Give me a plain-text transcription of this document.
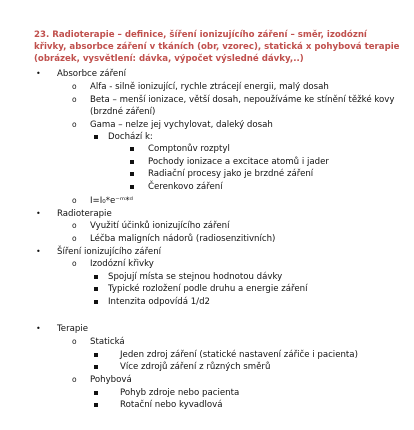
23. Radioterapie – definice, šíření ionizujícího záření – směr, izodózní křivky, absorbce záření v tkáních (obr, vzorec), statická x pohybová terapie (obrázek, vysvětlení: dávka, výpočet výsledné dávky,..)
• Absorbce záření
o Alfa - silně ionizující, rychle ztrácejí energii, malý dosah
o Beta – menší ionizace, větší dosah, nepoužíváme ke stínění těžké kovy
(brzdné záření)
o Gama – nelze jej vychylovat, daleký dosah
Dochází k:
Comptonův rozptyl
Pochody ionizace a excitace atomů i jader
Radiační procesy jako je brzdné záření
Čerenkovo záření
o I=I₀*e⁻ᵐ*ᵈ
• Radioterapie
o Využití účinků ionizujícího záření
o Léčba maligních nádorů (radiosenzitivních)
• Šíření ionizujícího záření
o Izodózní křivky
Spojují místa se stejnou hodnotou dávky
Typické rozložení podle druhu a energie záření
Intenzita odpovídá 1/d2
• Terapie
o Statická
Jeden zdroj záření (statické nastavení zářiče i pacienta)
Více zdrojů záření z různých směrů
o Pohybová
Pohyb zdroje nebo pacienta
Rotační nebo kyvadlová
